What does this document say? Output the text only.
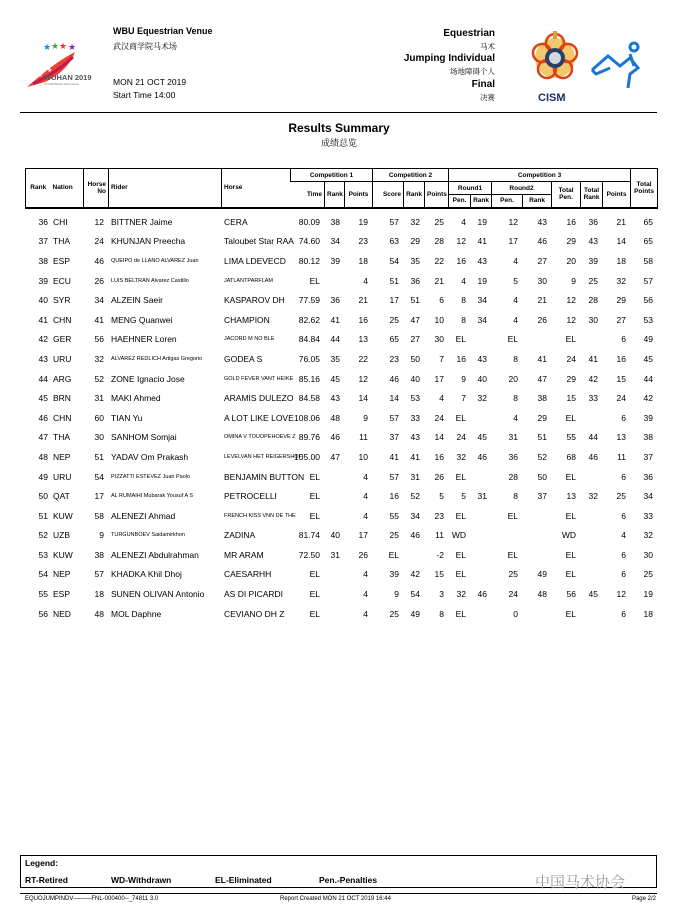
★ ★ ★ ★
★
★
WUHAN 2019
7th CISM Military World Games
WBU Equestrian Venue
武汉商学院马术场
MON 21 OCT 2019
Start Time 14:00
Equestrian
马术
Jumping Individual
场地障碍个人
Final
决赛	CISM
Results Summary
成绩总览
Rank	Nation	Horse No	Rider	Horse	Competition 1			Competition 2			Competition 3							Total Points
					Time	Rank	Points	Score	Rank	Points	Round1		Round2		Total Pen.	Total Rank	Points	
											Pen.	Rank	Pen.	Rank				
36	CHI	12	BITTNER Jaime	CERA	80.09	38	19	57	32	25	4	19	12	43	16	36	21	65
37	THA	24	KHUNJAN Preecha	Taloubet Star RAA	74.60	34	23	63	29	28	12	41	17	46	29	43	14	65
38	ESP	46	QUEIPO de LLANO ALVAREZ Juan	LIMA LDEVECD	80.12	39	18	54	35	22	16	43	4	27	20	39	18	58
39	ECU	26	LUIS BELTRAN Alvarez Castillo	JATLANTPARFLAM	EL		4	51	36	21	4	19	5	30	9	25	32	57
40	SYR	34	ALZEIN Saeir	KASPAROV DH	77.59	36	21	17	51	6	8	34	4	21	12	28	29	56
41	CHN	41	MENG Quanwei	CHAMPION	82.62	41	16	25	47	10	8	34	4	26	12	30	27	53
42	GER	56	HAEHNER Loren	JACORD M NO BLE	84.84	44	13	65	27	30	EL		EL		EL		6	49
43	URU	32	ALVAREZ REDLICH Artigas Gregorio	GODEA S	76.05	35	22	23	50	7	16	43	8	41	24	41	16	45
44	ARG	52	ZONE Ignacio Jose	GOLD FEVER VANT HEIKE	85.16	45	12	46	40	17	9	40	20	47	29	42	15	44
45	BRN	31	MAKI Ahmed	ARAMIS DULEZO	84.58	43	14	14	53	4	7	32	8	38	15	33	24	42
46	CHN	60	TIAN Yu	A LOT LIKE LOVE	108.06	48	9	57	33	24	EL		4	29	EL		6	39
47	THA	30	SANHOM Somjai	OMINA V TOUOPEHOEVE Z	89.76	46	11	37	43	14	24	45	31	51	55	44	13	38
48	NEP	51	YADAV Om Prakash	LEVELVAN HET REIGERSHOF	105.00	47	10	41	41	16	32	46	36	52	68	46	11	37
49	URU	54	PIZZATTI ESTEVEZ Juan Paolo	BENJAMIN BUTTON	EL		4	57	31	26	EL		28	50	EL		6	36
50	QAT	17	AL RUMAIHI Mubarak Yousuf A S	PETROCELLI	EL		4	16	52	5	5	31	8	37	13	32	25	34
51	KUW	58	ALENEZI Ahmad	FRENCH KISS VNN DE THE	EL		4	55	34	23	EL		EL		EL		6	33
52	UZB	9	TURGUNBOEV Saidamirkhon	ZADINA	81.74	40	17	25	46	11	WD				WD		4	32
53	KUW	38	ALENEZI Abdulrahman	MR ARAM	72.50	31	26	EL		-2	EL		EL		EL		6	30
54	NEP	57	KHADKA Khil Dhoj	CAESARHH	EL		4	39	42	15	EL		25	49	EL		6	25
55	ESP	18	SUNEN OLIVAN Antonio	AS DI PICARDI	EL		4	9	54	3	32	46	24	48	56	45	12	19
56	NED	48	MOL Daphne	CEVIANO DH Z	EL		4	25	49	8	EL		0		EL		6	18
Legend:
RT-Retired	WD-Withdrawn	EL-Eliminated	Pen.-Penalties	中国马术协会
EQUOJUMPINDV———FNL-000400--_74811 3.0	Report Created MON 21 OCT 2019 16:44	Page 2/2
